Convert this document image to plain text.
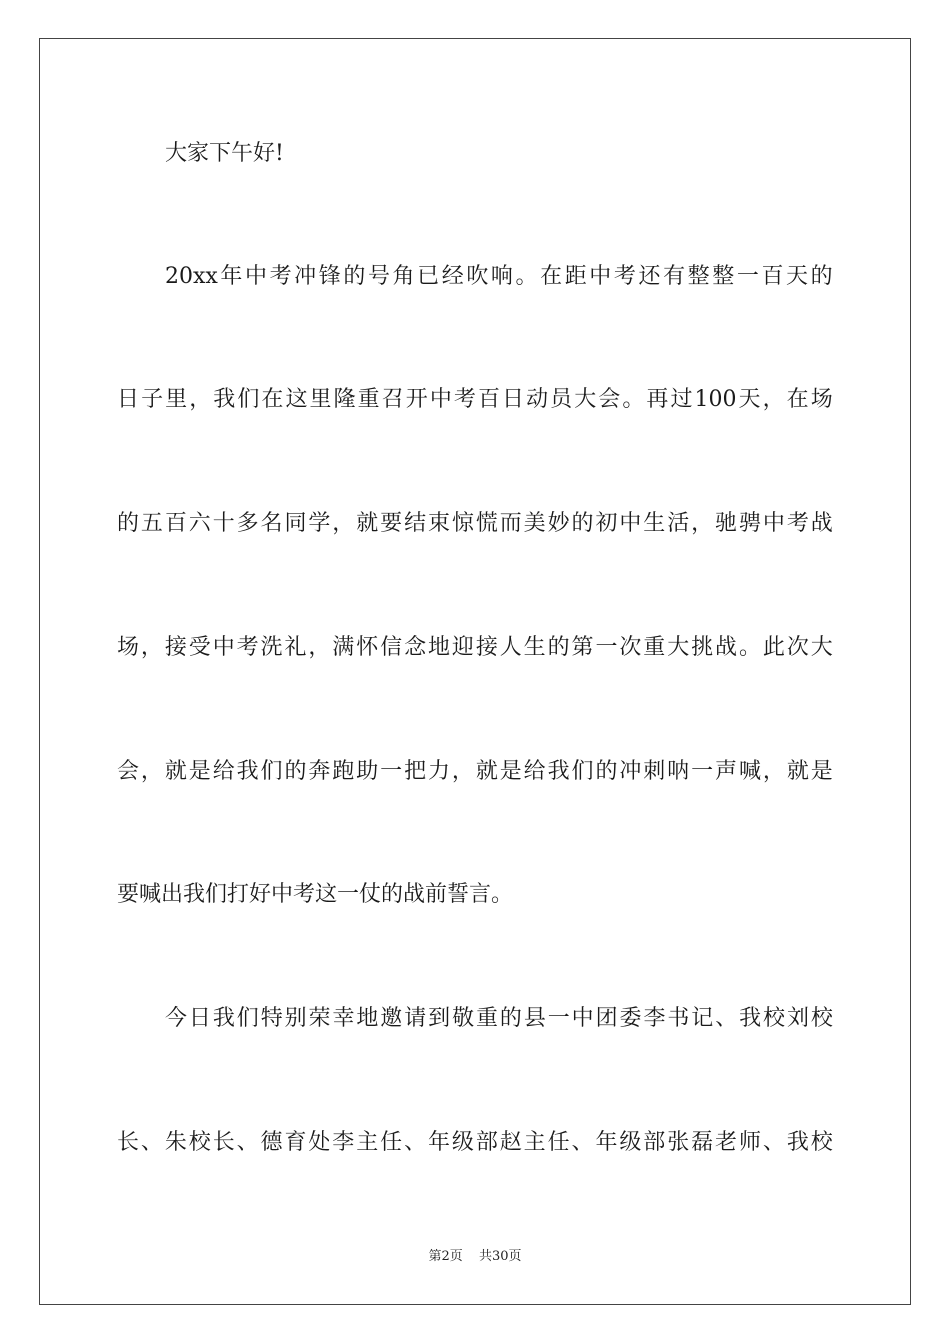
大家下午好!
20xx 年 中 考 冲 锋 的 号 角 已 经 吹 响 。 在 距 中 考 还 有 整 整 一 百 天 的
日 子 里 ， 我 们 在 这 里 隆 重 召 开 中 考 百 日 动 员 大 会 。 再 过 100 天 ， 在 场
的 五 百 六 十 多 名 同 学 ， 就 要 结 束 惊 慌 而 美 妙 的 初 中 生 活 ， 驰 骋 中 考 战
场 ， 接 受 中 考 洗 礼 ， 满 怀 信 念 地 迎 接 人 生 的 第 一 次 重 大 挑 战 。 此 次 大
会 ， 就 是 给 我 们 的 奔 跑 助 一 把 力 ， 就 是 给 我 们 的 冲 刺 呐 一 声 喊 ， 就 是
要喊出我们打好中考这一仗的战前誓言。
今 日 我 们 特 别 荣 幸 地 邀 请 到 敬 重 的 县 一 中 团 委 李 书 记 、 我 校 刘 校
长 、 朱 校 长 、 德 育 处 李 主 任 、 年 级 部 赵 主 任 、 年 级 部 张 磊 老 师 、 我 校
第2页 共30页
